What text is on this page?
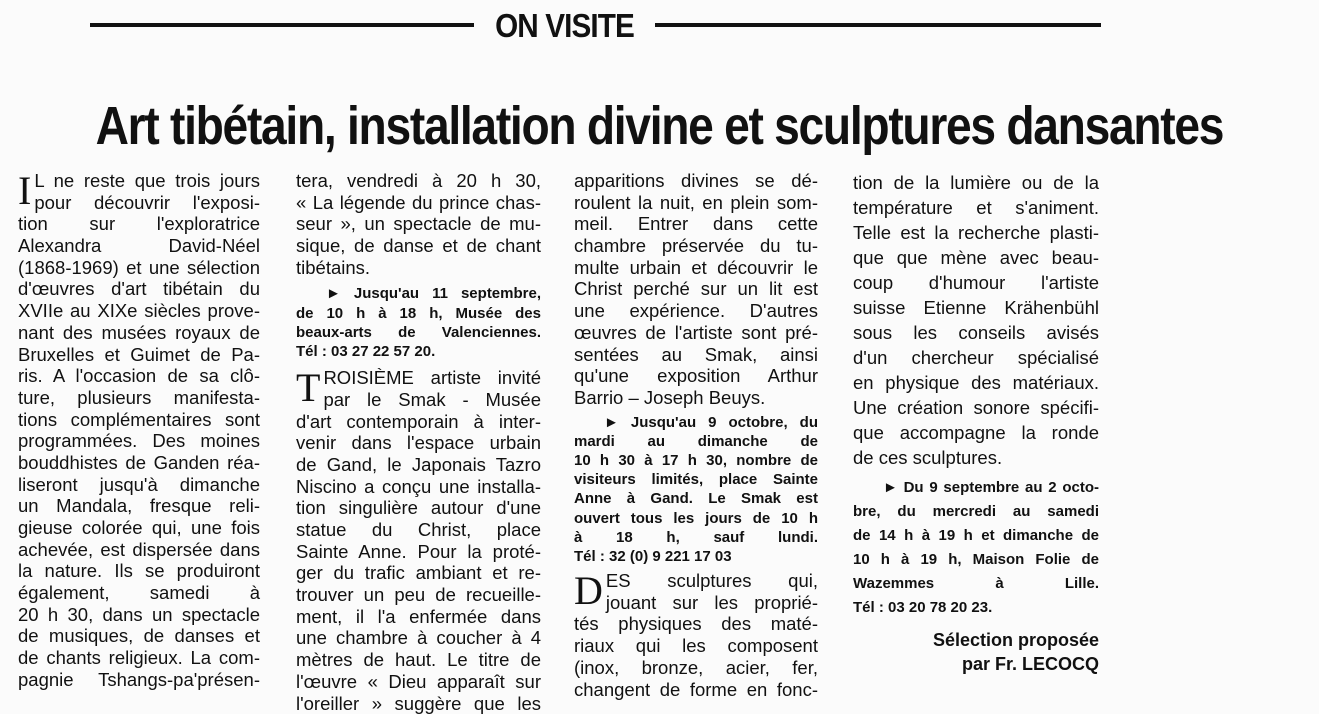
ON VISITE
Art tibétain, installation divine et sculptures dansantes
I L ne reste que trois jours
pour découvrir l'exposi-
tion sur l'exploratrice
Alexandra David-Néel
(1868-1969) et une sélection
d'œuvres d'art tibétain du
XVIIe au XIXe siècles prove-
nant des musées royaux de
Bruxelles et Guimet de Pa-
ris. A l'occasion de sa clô-
ture, plusieurs manifesta-
tions complémentaires sont
programmées. Des moines
bouddhistes de Ganden réa-
liseront jusqu'à dimanche
un Mandala, fresque reli-
gieuse colorée qui, une fois
achevée, est dispersée dans
la nature. Ils se produiront
également, samedi à
20 h 30, dans un spectacle
de musiques, de danses et
de chants religieux. La com-
pagnie Tshangs-pa'présen-
tera, vendredi à 20 h 30,
« La légende du prince chas-
seur », un spectacle de mu-
sique, de danse et de chant
tibétains.
► Jusqu'au 11 septembre,
de 10 h à 18 h, Musée des
beaux-arts de Valenciennes.
Tél : 03 27 22 57 20.
T ROISIÈME artiste invité
par le Smak - Musée
d'art contemporain à inter-
venir dans l'espace urbain
de Gand, le Japonais Tazro
Niscino a conçu une installa-
tion singulière autour d'une
statue du Christ, place
Sainte Anne. Pour la proté-
ger du trafic ambiant et re-
trouver un peu de recueille-
ment, il l'a enfermée dans
une chambre à coucher à 4
mètres de haut. Le titre de
l'œuvre « Dieu apparaît sur
l'oreiller » suggère que les
apparitions divines se dé-
roulent la nuit, en plein som-
meil. Entrer dans cette
chambre préservée du tu-
multe urbain et découvrir le
Christ perché sur un lit est
une expérience. D'autres
œuvres de l'artiste sont pré-
sentées au Smak, ainsi
qu'une exposition Arthur
Barrio – Joseph Beuys.
► Jusqu'au 9 octobre, du
mardi au dimanche de
10 h 30 à 17 h 30, nombre de
visiteurs limités, place Sainte
Anne à Gand. Le Smak est
ouvert tous les jours de 10 h
à 18 h, sauf lundi.
Tél : 32 (0) 9 221 17 03
D ES sculptures qui,
jouant sur les proprié-
tés physiques des maté-
riaux qui les composent
(inox, bronze, acier, fer,
changent de forme en fonc-
tion de la lumière ou de la
température et s'animent.
Telle est la recherche plasti-
que que mène avec beau-
coup d'humour l'artiste
suisse Etienne Krähenbühl
sous les conseils avisés
d'un chercheur spécialisé
en physique des matériaux.
Une création sonore spécifi-
que accompagne la ronde
de ces sculptures.
► Du 9 septembre au 2 octo-
bre, du mercredi au samedi
de 14 h à 19 h et dimanche de
10 h à 19 h, Maison Folie de
Wazemmes à Lille.
Tél : 03 20 78 20 23.
Sélection proposée
par Fr. LECOCQ
